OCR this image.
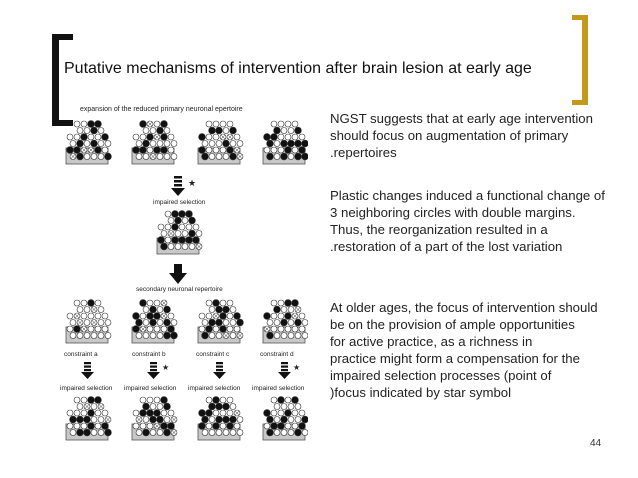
Putative mechanisms of intervention after brain lesion at early age
expansion of the reduced primary neuronal epertoire
★
impaired selection
secondary neuronal repertoire
constraint a	constraint b	constraint c	constraint d
★	★
impaired selection impaired selection impaired selection impaired selection

NGST suggests that at early age intervention

should focus on augmentation of primary

.repertoires

Plastic changes induced a functional change of

3 neighboring circles with double margins.

Thus, the reorganization resulted in a

.restoration of a part of the lost variation

At older ages, the focus of intervention should

be on the provision of ample opportunities

for active practice, as a richness in

practice might form a compensation for the

impaired selection processes (point of

)focus indicated by star symbol

44
